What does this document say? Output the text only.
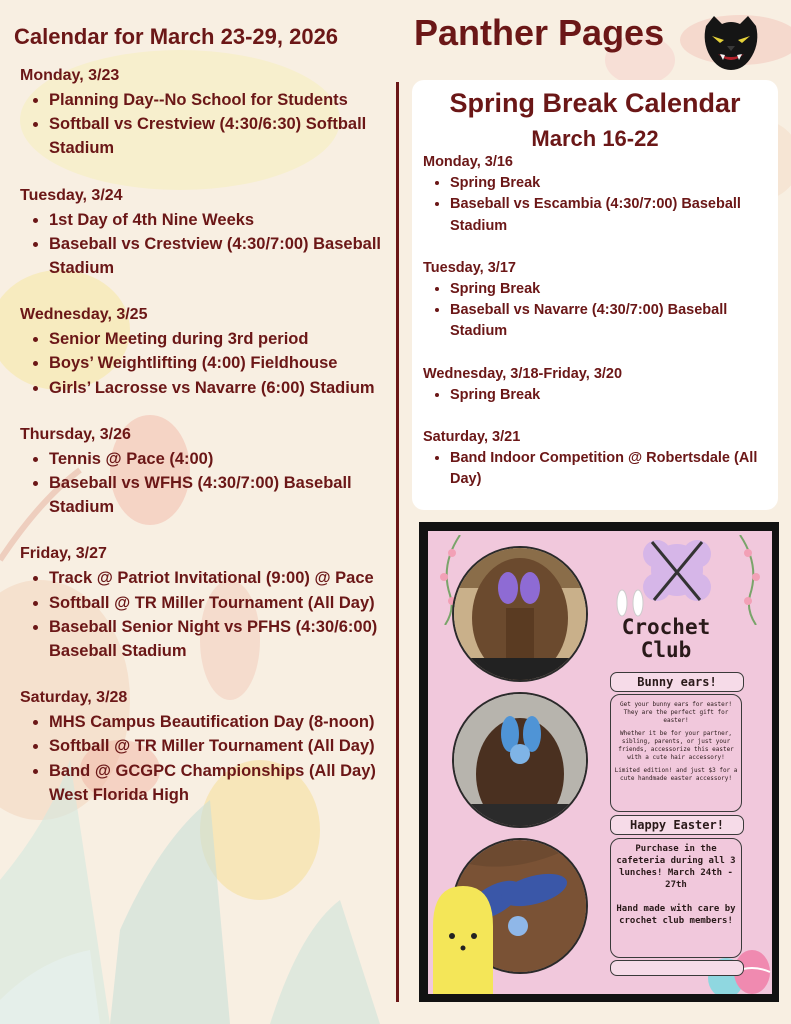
Calendar for March 23-29, 2026 Panther Pages
Monday, 3/23
• Planning Day--No School for Students
• Softball vs Crestview (4:30/6:30) Softball Stadium
Tuesday, 3/24
• 1st Day of 4th Nine Weeks
• Baseball vs Crestview (4:30/7:00) Baseball Stadium
Wednesday, 3/25
• Senior Meeting during 3rd period
• Boys’ Weightlifting (4:00) Fieldhouse
• Girls’ Lacrosse vs Navarre (6:00) Stadium
Thursday, 3/26
• Tennis @ Pace (4:00)
• Baseball vs WFHS (4:30/7:00) Baseball Stadium
Friday, 3/27
• Track @ Patriot Invitational (9:00) @ Pace
• Softball @ TR Miller Tournament (All Day)
• Baseball Senior Night vs PFHS (4:30/6:00) Baseball Stadium
Saturday, 3/28
• MHS Campus Beautification Day (8-noon)
• Softball @ TR Miller Tournament (All Day)
• Band @ GCGPC Championships (All Day) West Florida High
Spring Break Calendar
March 16-22
Monday, 3/16
• Spring Break
• Baseball vs Escambia (4:30/7:00) Baseball Stadium
Tuesday, 3/17
• Spring Break
• Baseball vs Navarre (4:30/7:00) Baseball Stadium
Wednesday, 3/18-Friday, 3/20
• Spring Break
Saturday, 3/21
• Band Indoor Competition @ Robertsdale (All Day)
Crochet
Club
Bunny ears!

Get your bunny ears for easter! They are the perfect gift for easter!

Whether it be for your partner, sibling, parents, or just your friends, accessorize this easter with a cute hair accessory!

Limited edition! and just $3 for a cute handmade easter accessory!

Happy Easter!

Purchase in the cafeteria during all 3 lunches! March 24th - 27th

Hand made with care by crochet club members!
